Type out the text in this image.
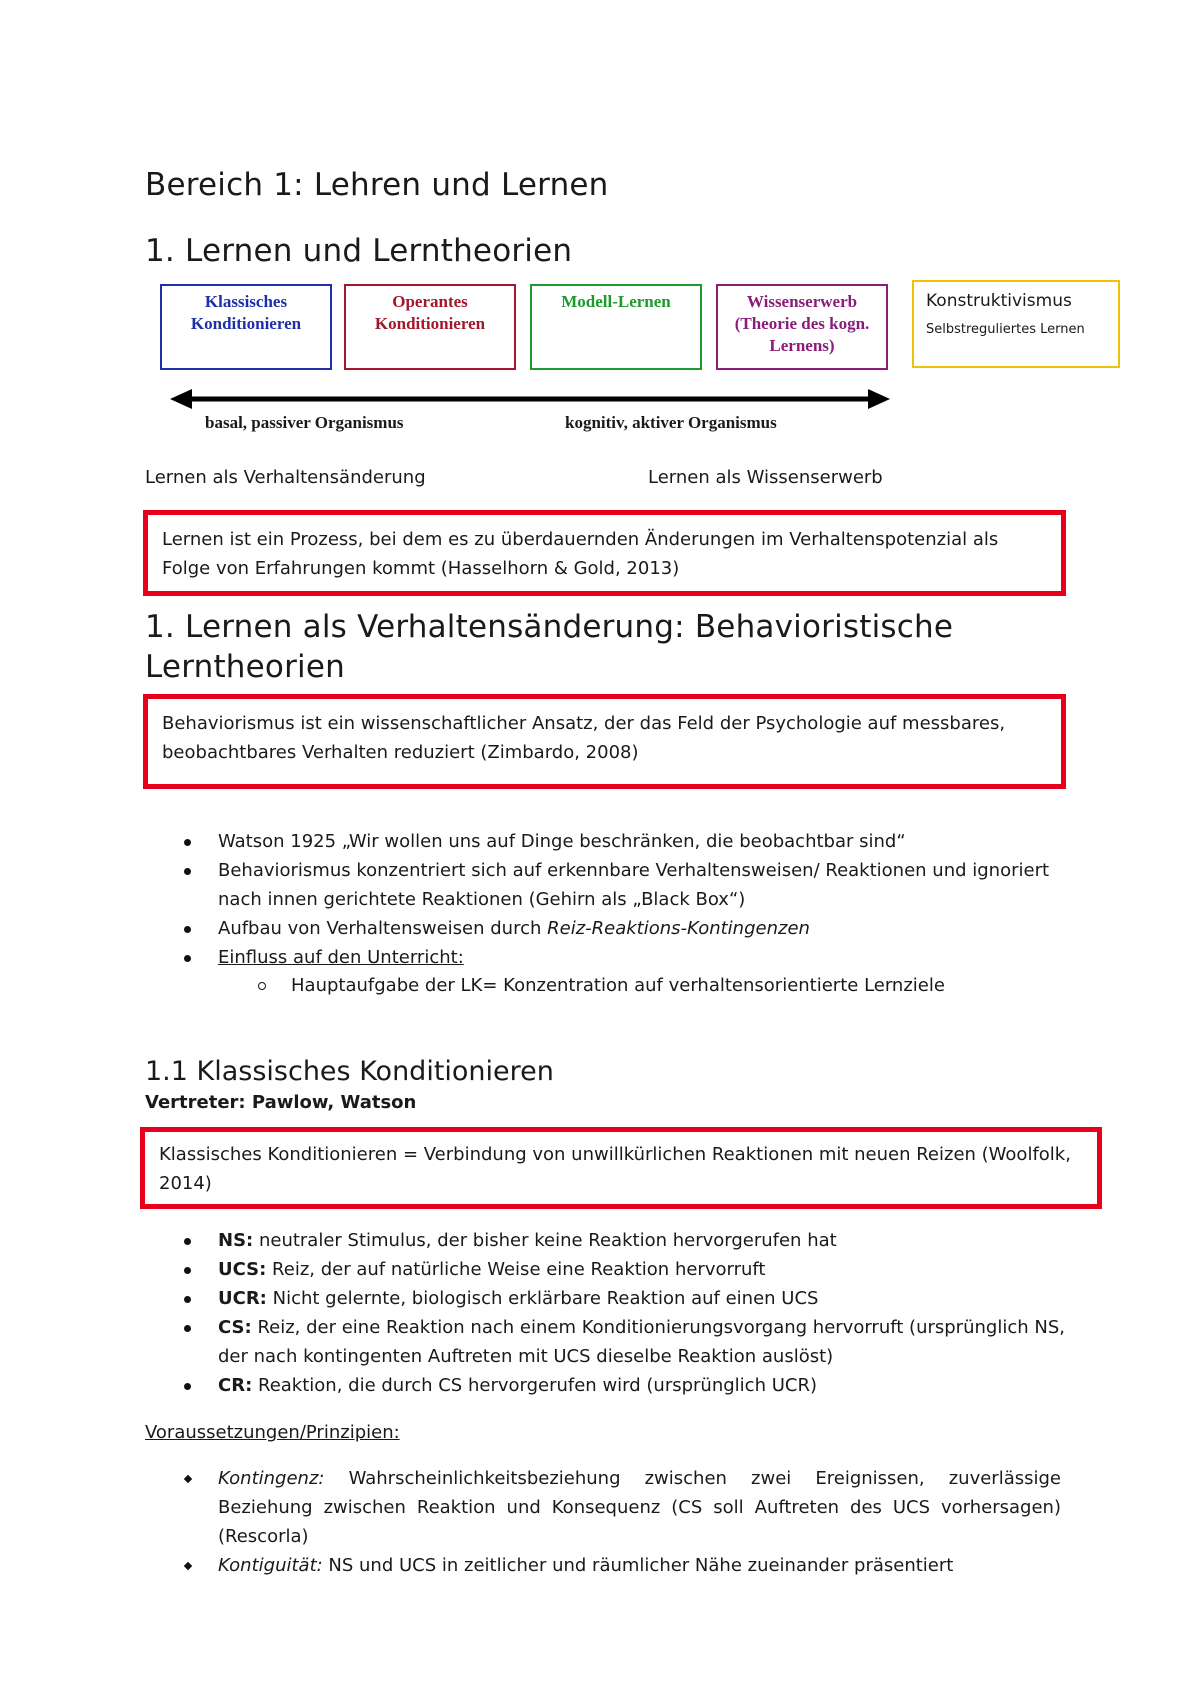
Bereich 1: Lehren und Lernen
1. Lernen und Lerntheorien
Klassisches Konditionieren
Operantes Konditionieren
Modell-Lernen	Wissenserwerb (Theorie des kogn. Lernens)
Konstruktivismus
Selbstreguliertes Lernen
basal, passiver Organismus	kognitiv, aktiver Organismus
Lernen als Verhaltensänderung	Lernen als Wissenserwerb
Lernen ist ein Prozess, bei dem es zu überdauernden Änderungen im Verhaltenspotenzial als Folge von Erfahrungen kommt (Hasselhorn & Gold, 2013)
1. Lernen als Verhaltensänderung: Behavioristische Lerntheorien
Behaviorismus ist ein wissenschaftlicher Ansatz, der das Feld der Psychologie auf messbares, beobachtbares Verhalten reduziert (Zimbardo, 2008)
Watson 1925 „Wir wollen uns auf Dinge beschränken, die beobachtbar sind“
Behaviorismus konzentriert sich auf erkennbare Verhaltensweisen/ Reaktionen und ignoriert nach innen gerichtete Reaktionen (Gehirn als „Black Box“)
Aufbau von Verhaltensweisen durch Reiz-Reaktions-Kontingenzen
Einfluss auf den Unterricht:
Hauptaufgabe der LK= Konzentration auf verhaltensorientierte Lernziele
1.1 Klassisches Konditionieren
Vertreter: Pawlow, Watson
Klassisches Konditionieren = Verbindung von unwillkürlichen Reaktionen mit neuen Reizen (Woolfolk, 2014)
NS: neutraler Stimulus, der bisher keine Reaktion hervorgerufen hat
UCS: Reiz, der auf natürliche Weise eine Reaktion hervorruft
UCR: Nicht gelernte, biologisch erklärbare Reaktion auf einen UCS
CS: Reiz, der eine Reaktion nach einem Konditionierungsvorgang hervorruft (ursprünglich NS, der nach kontingenten Auftreten mit UCS dieselbe Reaktion auslöst)
CR: Reaktion, die durch CS hervorgerufen wird (ursprünglich UCR)
Voraussetzungen/Prinzipien:
Kontingenz: Wahrscheinlichkeitsbeziehung zwischen zwei Ereignissen, zuverlässige Beziehung zwischen Reaktion und Konsequenz (CS soll Auftreten des UCS vorhersagen) (Rescorla)
Kontiguität: NS und UCS in zeitlicher und räumlicher Nähe zueinander präsentiert
